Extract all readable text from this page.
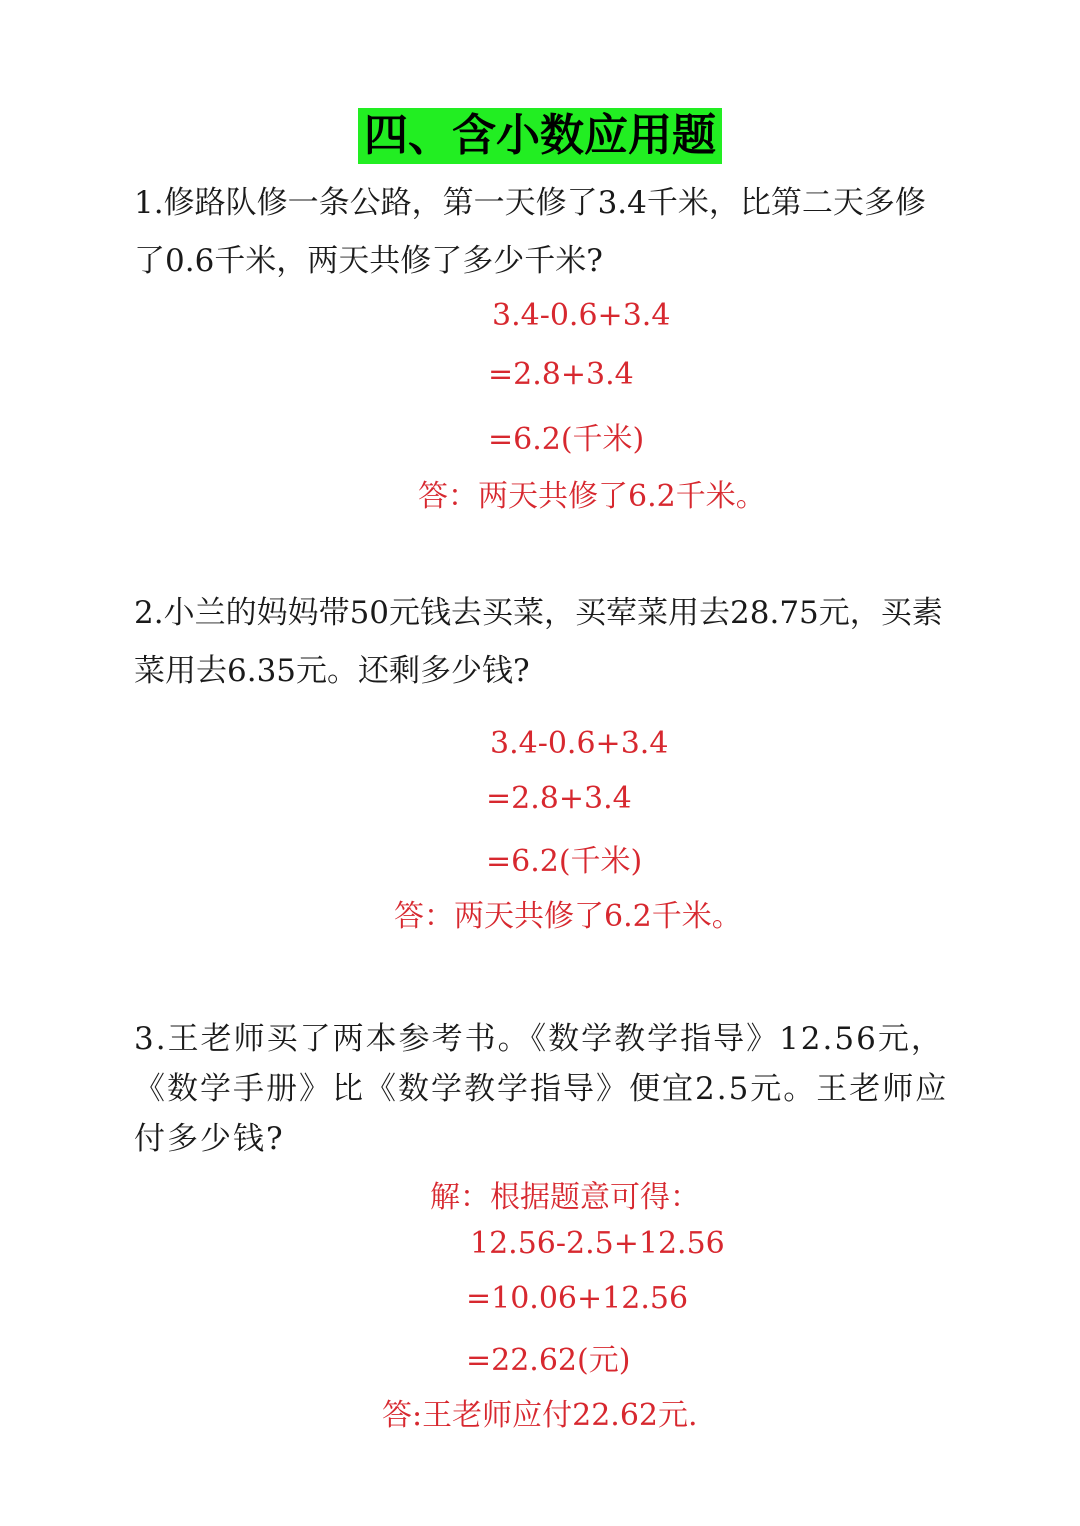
四、含小数应用题

1.修路队修一条公路，第一天修了3.4千米，比第二天多修了0.6千米，两天共修了多少千米?

3.4-0.6+3.4

=2.8+3.4

=6.2(千米)

答：两天共修了6.2千米。

2.小兰的妈妈带50元钱去买菜，买荤菜用去28.75元，买素菜用去6.35元。还剩多少钱?

3.4-0.6+3.4

=2.8+3.4

=6.2(千米)

答：两天共修了6.2千米。

3.王老师买了两本参考书。《数学教学指导》12.56元，《数学手册》比《数学教学指导》便宜2.5元。王老师应付多少钱?

解：根据题意可得：

12.56-2.5+12.56

=10.06+12.56

=22.62(元)

答:王老师应付22.62元.
